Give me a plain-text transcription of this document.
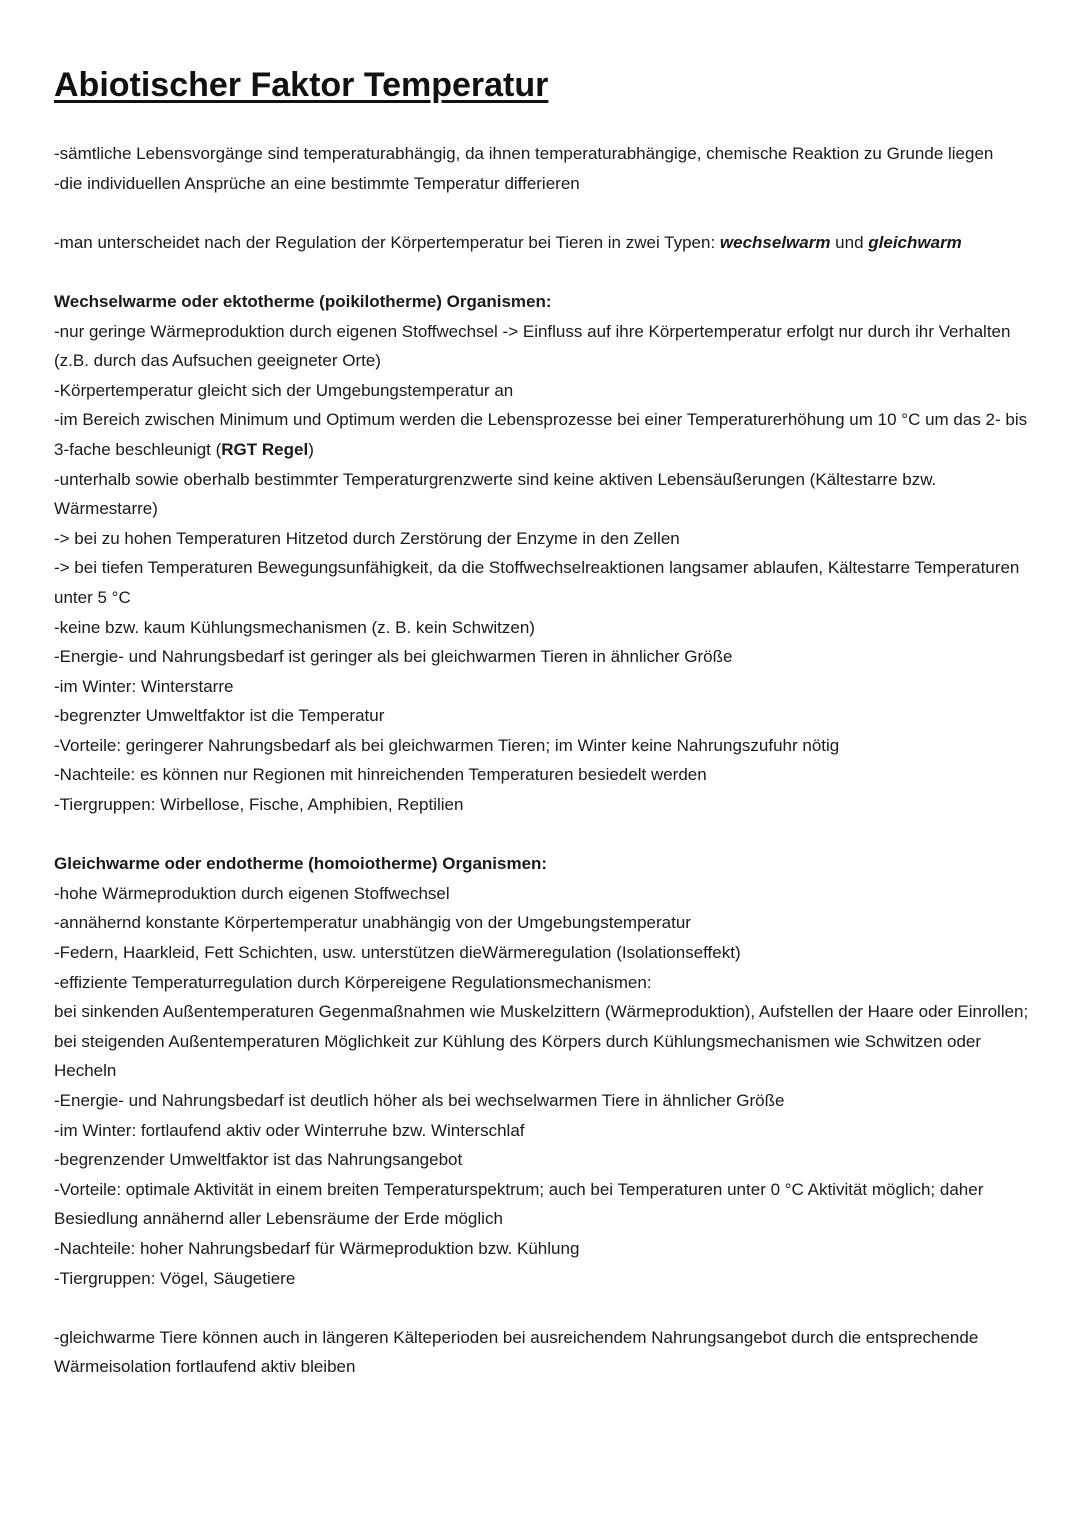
Abiotischer Faktor Temperatur

-sämtliche Lebensvorgänge sind temperaturabhängig, da ihnen temperaturabhängige, chemische Reaktion zu Grunde liegen

-die individuellen Ansprüche an eine bestimmte Temperatur differieren

-man unterscheidet nach der Regulation der Körpertemperatur bei Tieren in zwei Typen: wechselwarm und gleichwarm

Wechselwarme oder ektotherme (poikilotherme) Organismen:

-nur geringe Wärmeproduktion durch eigenen Stoffwechsel -> Einfluss auf ihre Körpertemperatur erfolgt nur durch ihr Verhalten (z.B. durch das Aufsuchen geeigneter Orte)

-Körpertemperatur gleicht sich der Umgebungstemperatur an

-im Bereich zwischen Minimum und Optimum werden die Lebensprozesse bei einer Temperaturerhöhung um 10 °C um das 2- bis 3-fache beschleunigt (RGT Regel)

-unterhalb sowie oberhalb bestimmter Temperaturgrenzwerte sind keine aktiven Lebensäußerungen (Kältestarre bzw. Wärmestarre)

-> bei zu hohen Temperaturen Hitzetod durch Zerstörung der Enzyme in den Zellen

-> bei tiefen Temperaturen Bewegungsunfähigkeit, da die Stoffwechselreaktionen langsamer ablaufen, Kältestarre Temperaturen unter 5 °C

-keine bzw. kaum Kühlungsmechanismen (z. B. kein Schwitzen)

-Energie- und Nahrungsbedarf ist geringer als bei gleichwarmen Tieren in ähnlicher Größe

-im Winter: Winterstarre

-begrenzter Umweltfaktor ist die Temperatur

-Vorteile: geringerer Nahrungsbedarf als bei gleichwarmen Tieren; im Winter keine Nahrungszufuhr nötig

-Nachteile: es können nur Regionen mit hinreichenden Temperaturen besiedelt werden

-Tiergruppen: Wirbellose, Fische, Amphibien, Reptilien

Gleichwarme oder endotherme (homoiotherme) Organismen:

-hohe Wärmeproduktion durch eigenen Stoffwechsel

-annähernd konstante Körpertemperatur unabhängig von der Umgebungstemperatur

-Federn, Haarkleid, Fett Schichten, usw. unterstützen dieWärmeregulation (Isolationseffekt)

-effiziente Temperaturregulation durch Körpereigene Regulationsmechanismen:

bei sinkenden Außentemperaturen Gegenmaßnahmen wie Muskelzittern (Wärmeproduktion), Aufstellen der Haare oder Einrollen;

bei steigenden Außentemperaturen Möglichkeit zur Kühlung des Körpers durch Kühlungsmechanismen wie Schwitzen oder Hecheln

-Energie- und Nahrungsbedarf ist deutlich höher als bei wechselwarmen Tiere in ähnlicher Größe

-im Winter: fortlaufend aktiv oder Winterruhe bzw. Winterschlaf

-begrenzender Umweltfaktor ist das Nahrungsangebot

-Vorteile: optimale Aktivität in einem breiten Temperaturspektrum; auch bei Temperaturen unter 0 °C Aktivität möglich; daher Besiedlung annähernd aller Lebensräume der Erde möglich

-Nachteile: hoher Nahrungsbedarf für Wärmeproduktion bzw. Kühlung

-Tiergruppen: Vögel, Säugetiere

-gleichwarme Tiere können auch in längeren Kälteperioden bei ausreichendem Nahrungsangebot durch die entsprechende Wärmeisolation fortlaufend aktiv bleiben
